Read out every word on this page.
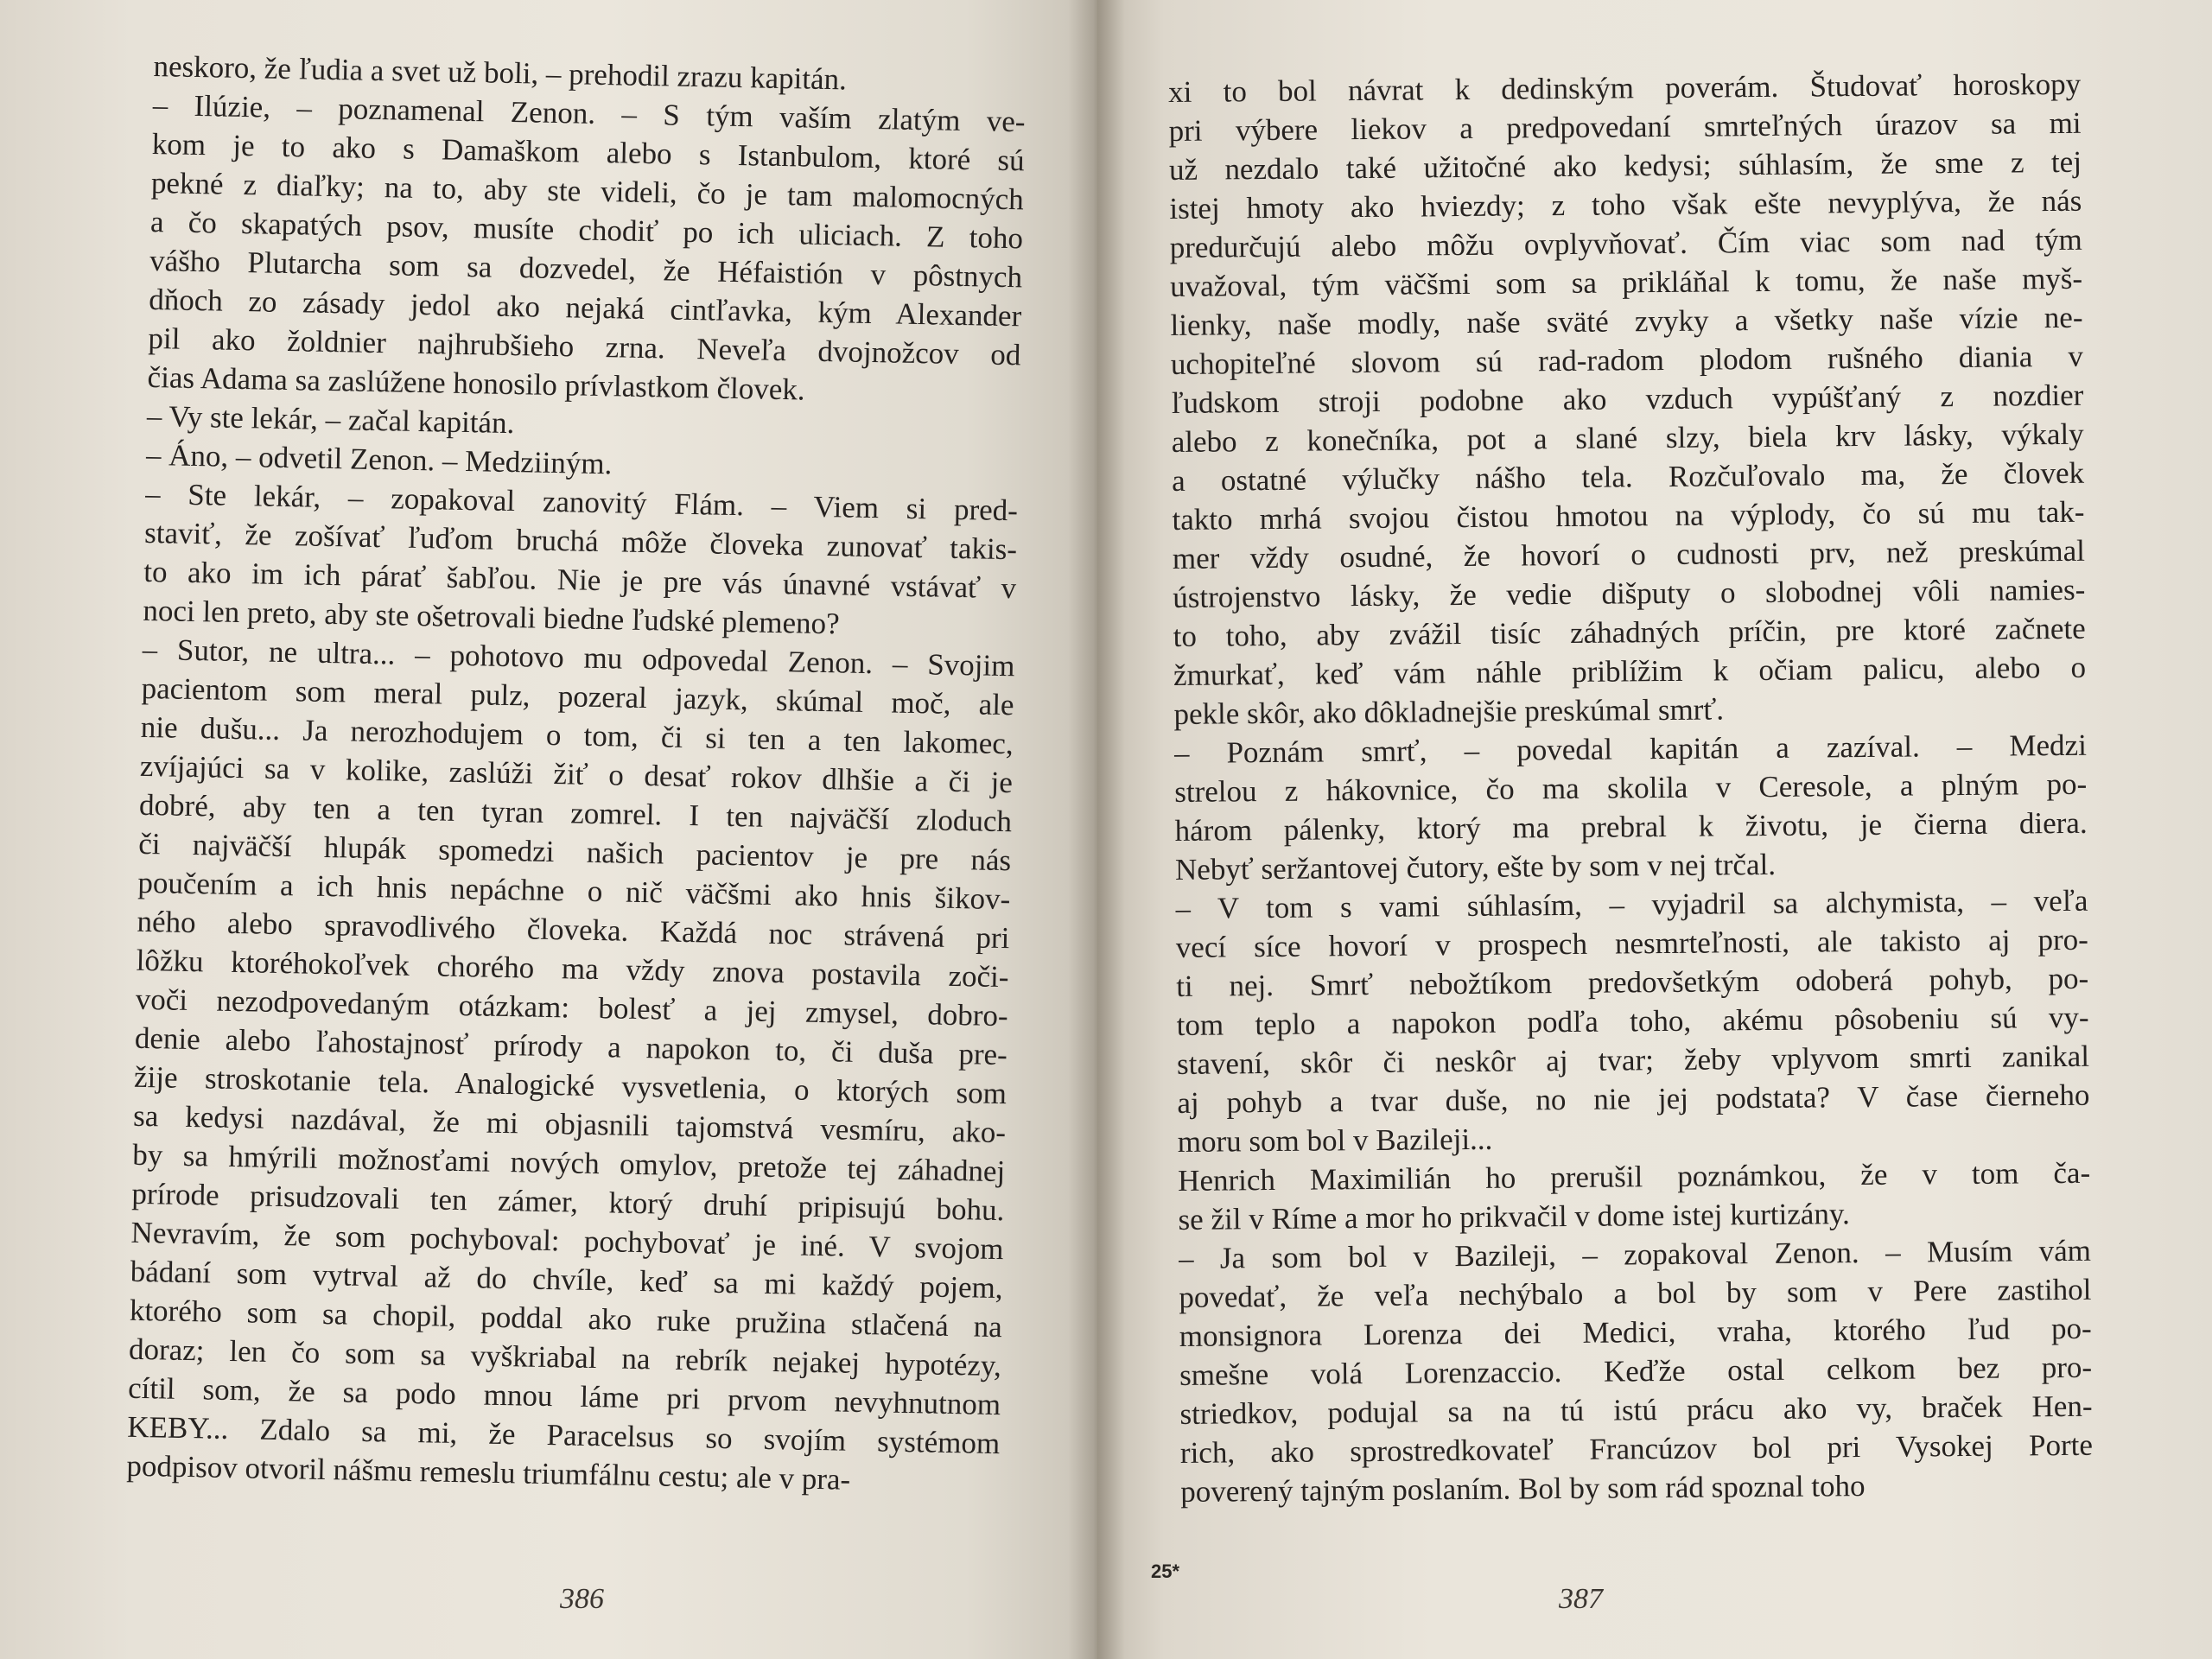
neskoro, že ľudia a svet už boli, – prehodil zrazu kapitán.
– Ilúzie, – poznamenal Zenon. – S tým vaším zlatým ve-
kom je to ako s Damaškom alebo s Istanbulom, ktoré sú
pekné z diaľky; na to, aby ste videli, čo je tam malomocných
a čo skapatých psov, musíte chodiť po ich uliciach. Z toho
vášho Plutarcha som sa dozvedel, že Héfaistión v pôstnych
dňoch zo zásady jedol ako nejaká cintľavka, kým Alexander
pil ako žoldnier najhrubšieho zrna. Neveľa dvojnožcov od
čias Adama sa zaslúžene honosilo prívlastkom človek.
– Vy ste lekár, – začal kapitán.
– Áno, – odvetil Zenon. – Medziiným.
– Ste lekár, – zopakoval zanovitý Flám. – Viem si pred-
staviť, že zošívať ľuďom bruchá môže človeka zunovať takis-
to ako im ich párať šabľou. Nie je pre vás únavné vstávať v
noci len preto, aby ste ošetrovali biedne ľudské plemeno?
– Sutor, ne ultra... – pohotovo mu odpovedal Zenon. – Svojim
pacientom som meral pulz, pozeral jazyk, skúmal moč, ale
nie dušu... Ja nerozhodujem o tom, či si ten a ten lakomec,
zvíjajúci sa v kolike, zaslúži žiť o desať rokov dlhšie a či je
dobré, aby ten a ten tyran zomrel. I ten najväčší zloduch
či najväčší hlupák spomedzi našich pacientov je pre nás
poučením a ich hnis nepáchne o nič väčšmi ako hnis šikov-
ného alebo spravodlivého človeka. Každá noc strávená pri
lôžku ktoréhokoľvek chorého ma vždy znova postavila zoči-
voči nezodpovedaným otázkam: bolesť a jej zmysel, dobro-
denie alebo ľahostajnosť prírody a napokon to, či duša pre-
žije stroskotanie tela. Analogické vysvetlenia, o ktorých som
sa kedysi nazdával, že mi objasnili tajomstvá vesmíru, ako-
by sa hmýrili možnosťami nových omylov, pretože tej záhadnej
prírode prisudzovali ten zámer, ktorý druhí pripisujú bohu.
Nevravím, že som pochyboval: pochybovať je iné. V svojom
bádaní som vytrval až do chvíle, keď sa mi každý pojem,
ktorého som sa chopil, poddal ako ruke pružina stlačená na
doraz; len čo som sa vyškriabal na rebrík nejakej hypotézy,
cítil som, že sa podo mnou láme pri prvom nevyhnutnom
KEBY... Zdalo sa mi, že Paracelsus so svojím systémom
podpisov otvoril nášmu remeslu triumfálnu cestu; ale v pra-
386
xi to bol návrat k dedinským poverám. Študovať horoskopy
pri výbere liekov a predpovedaní smrteľných úrazov sa mi
už nezdalo také užitočné ako kedysi; súhlasím, že sme z tej
istej hmoty ako hviezdy; z toho však ešte nevyplýva, že nás
predurčujú alebo môžu ovplyvňovať. Čím viac som nad tým
uvažoval, tým väčšmi som sa prikláňal k tomu, že naše myš-
lienky, naše modly, naše sväté zvyky a všetky naše vízie ne-
uchopiteľné slovom sú rad-radom plodom rušného diania v
ľudskom stroji podobne ako vzduch vypúšťaný z nozdier
alebo z konečníka, pot a slané slzy, biela krv lásky, výkaly
a ostatné výlučky nášho tela. Rozčuľovalo ma, že človek
takto mrhá svojou čistou hmotou na výplody, čo sú mu tak-
mer vždy osudné, že hovorí o cudnosti prv, než preskúmal
ústrojenstvo lásky, že vedie dišputy o slobodnej vôli namies-
to toho, aby zvážil tisíc záhadných príčin, pre ktoré začnete
žmurkať, keď vám náhle priblížim k očiam palicu, alebo o
pekle skôr, ako dôkladnejšie preskúmal smrť.
– Poznám smrť, – povedal kapitán a zazíval. – Medzi
strelou z hákovnice, čo ma skolila v Ceresole, a plným po-
három pálenky, ktorý ma prebral k životu, je čierna diera.
Nebyť seržantovej čutory, ešte by som v nej trčal.
– V tom s vami súhlasím, – vyjadril sa alchymista, – veľa
vecí síce hovorí v prospech nesmrteľnosti, ale takisto aj pro-
ti nej. Smrť nebožtíkom predovšetkým odoberá pohyb, po-
tom teplo a napokon podľa toho, akému pôsobeniu sú vy-
stavení, skôr či neskôr aj tvar; žeby vplyvom smrti zanikal
aj pohyb a tvar duše, no nie jej podstata? V čase čierneho
moru som bol v Bazileji...
Henrich Maximilián ho prerušil poznámkou, že v tom ča-
se žil v Ríme a mor ho prikvačil v dome istej kurtizány.
– Ja som bol v Bazileji, – zopakoval Zenon. – Musím vám
povedať, že veľa nechýbalo a bol by som v Pere zastihol
monsignora Lorenza dei Medici, vraha, ktorého ľud po-
smešne volá Lorenzaccio. Keďže ostal celkom bez pro-
striedkov, podujal sa na tú istú prácu ako vy, braček Hen-
rich, ako sprostredkovateľ Francúzov bol pri Vysokej Porte
poverený tajným poslaním. Bol by som rád spoznal toho
25*
387
